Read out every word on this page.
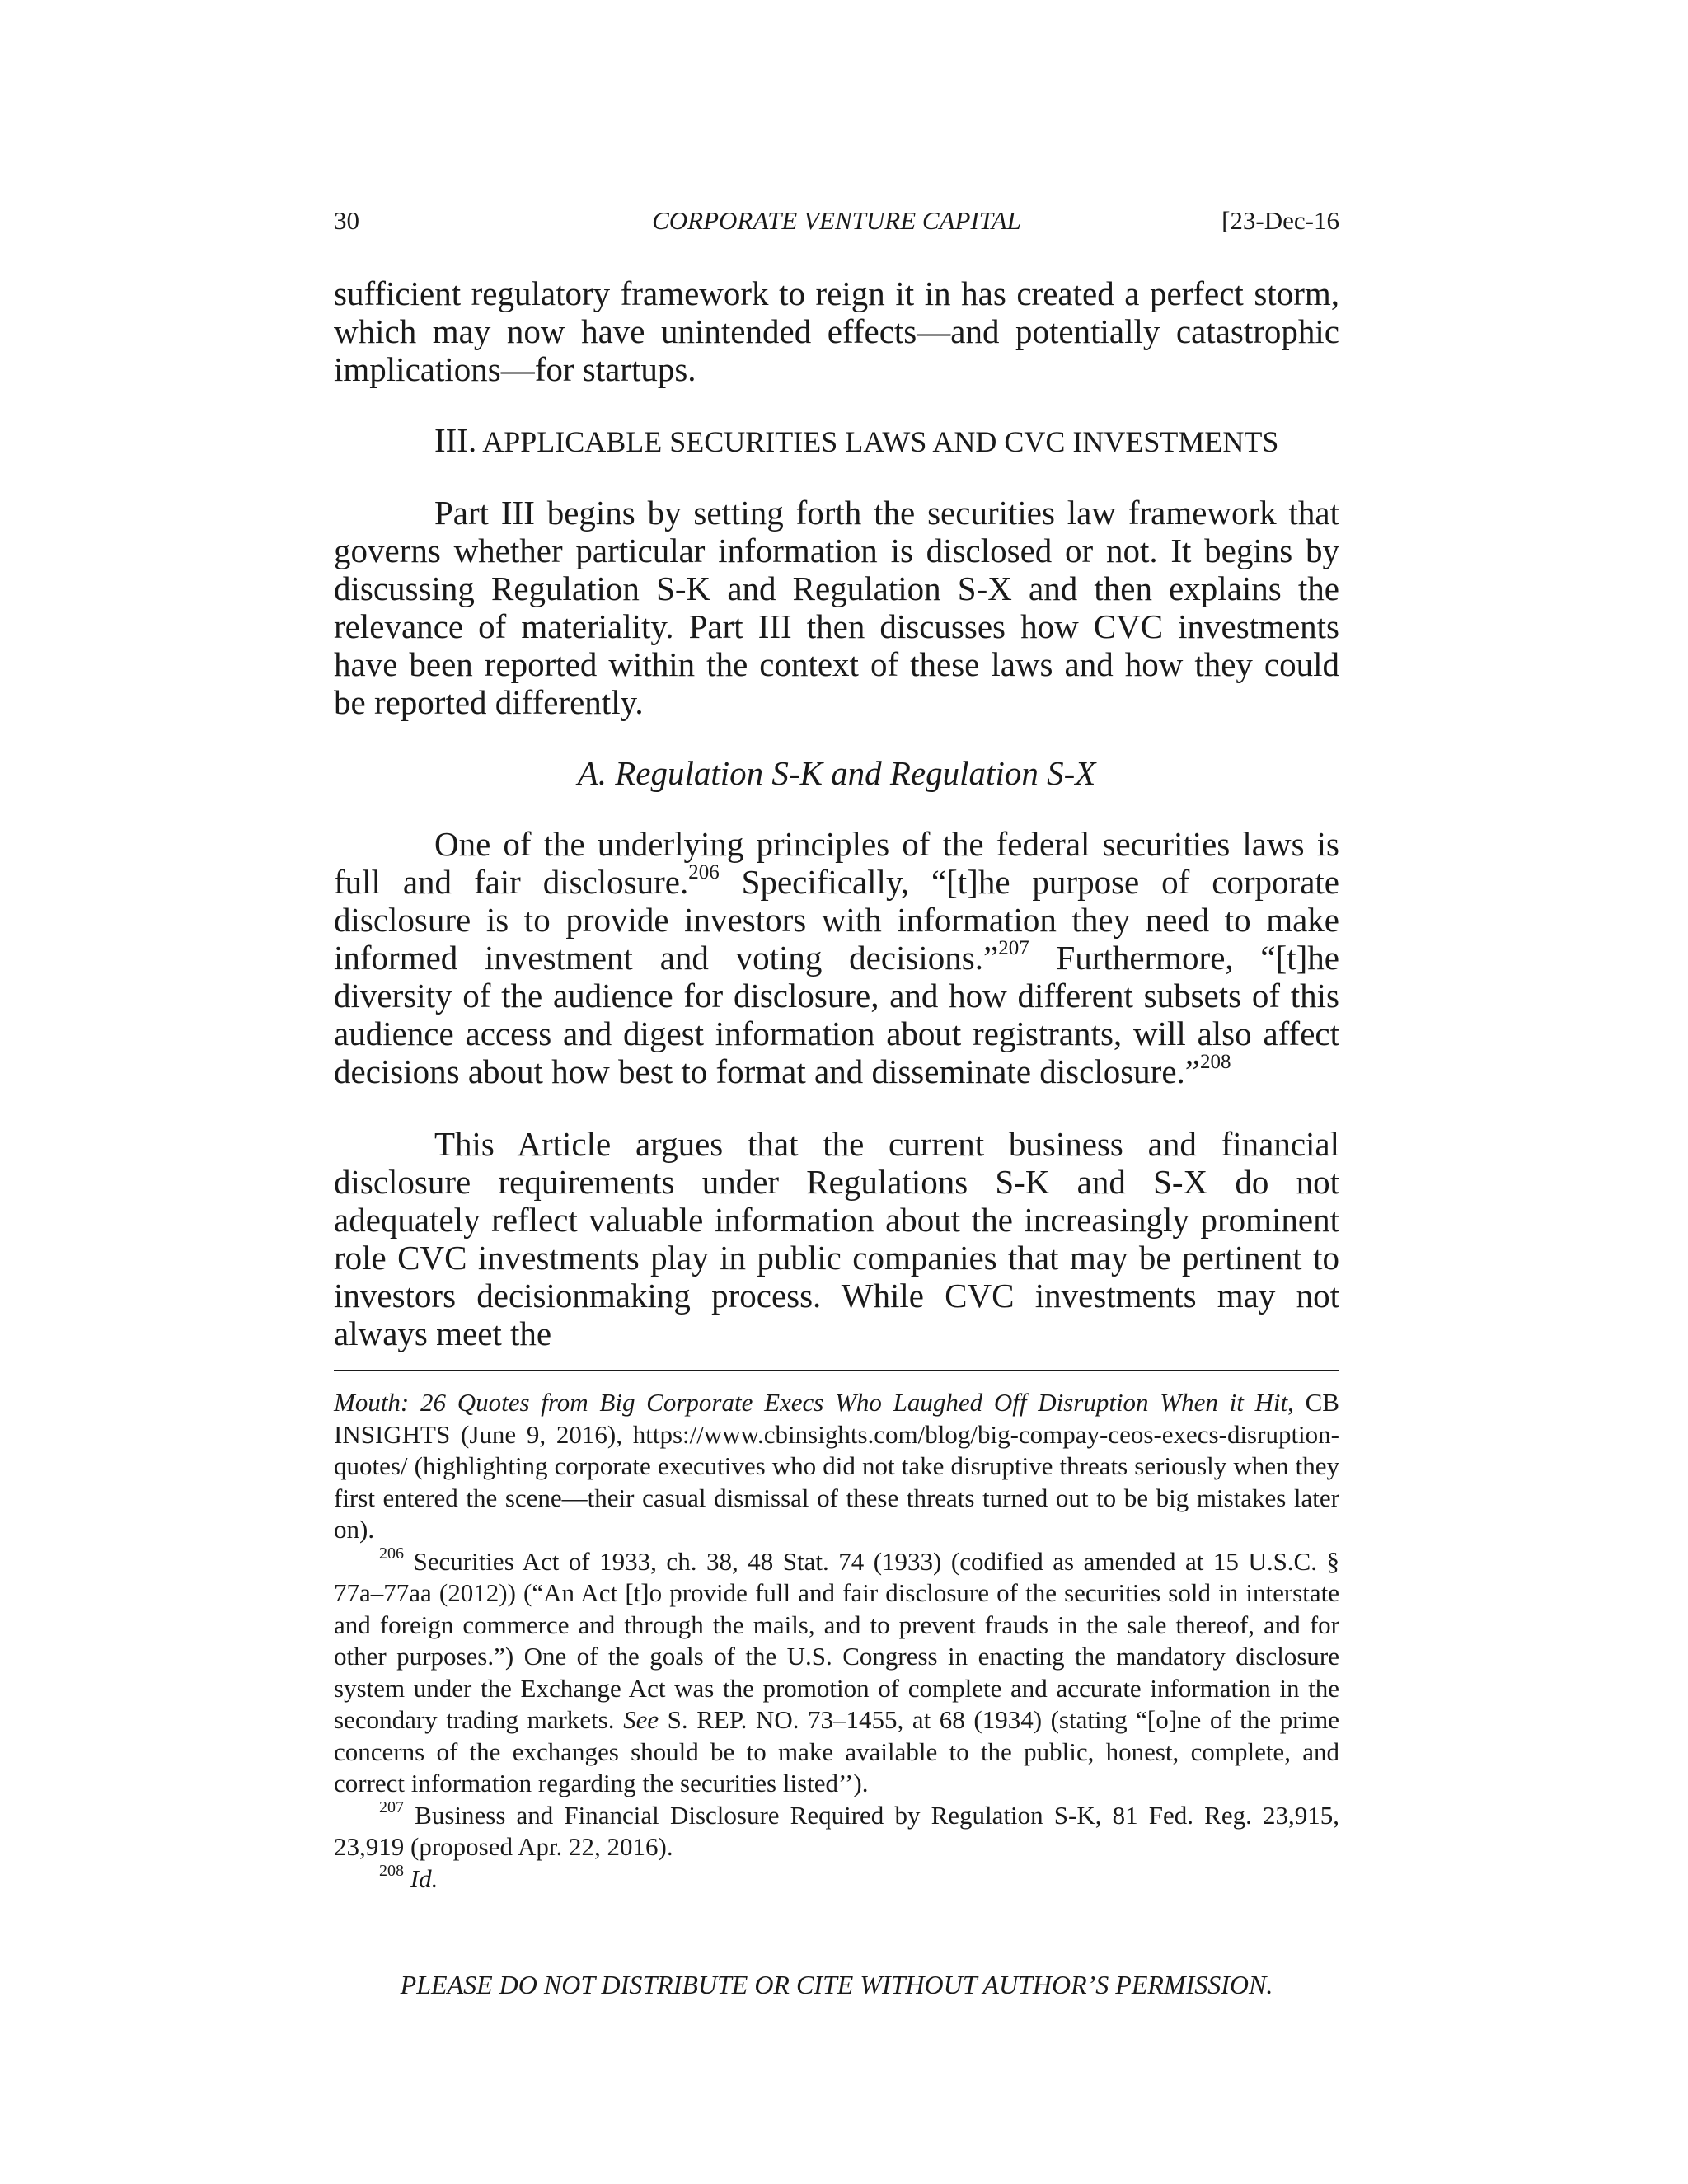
30	CORPORATE VENTURE CAPITAL	[23-Dec-16

sufficient regulatory framework to reign it in has created a perfect storm, which may now have unintended effects—and potentially catastrophic implications—for startups.

III. APPLICABLE SECURITIES LAWS AND CVC INVESTMENTS

Part III begins by setting forth the securities law framework that governs whether particular information is disclosed or not. It begins by discussing Regulation S-K and Regulation S-X and then explains the relevance of materiality. Part III then discusses how CVC investments have been reported within the context of these laws and how they could be reported differently.

A. Regulation S-K and Regulation S-X

One of the underlying principles of the federal securities laws is full and fair disclosure.$^{206}$ Specifically, “[t]he purpose of corporate disclosure is to provide investors with information they need to make informed investment and voting decisions.”$^{207}$ Furthermore, “[t]he diversity of the audience for disclosure, and how different subsets of this audience access and digest information about registrants, will also affect decisions about how best to format and disseminate disclosure.”$^{208}$

This Article argues that the current business and financial disclosure requirements under Regulations S-K and S-X do not adequately reflect valuable information about the increasingly prominent role CVC investments play in public companies that may be pertinent to investors decisionmaking process. While CVC investments may not always meet the

Mouth: 26 Quotes from Big Corporate Execs Who Laughed Off Disruption When it Hit, CB INSIGHTS (June 9, 2016), https://www.cbinsights.com/blog/big-compay-ceos-execs-disruption-quotes/ (highlighting corporate executives who did not take disruptive threats seriously when they first entered the scene—their casual dismissal of these threats turned out to be big mistakes later on).

$^{206}$ Securities Act of 1933, ch. 38, 48 Stat. 74 (1933) (codified as amended at 15 U.S.C. § 77a–77aa (2012)) (“An Act [t]o provide full and fair disclosure of the securities sold in interstate and foreign commerce and through the mails, and to prevent frauds in the sale thereof, and for other purposes.”) One of the goals of the U.S. Congress in enacting the mandatory disclosure system under the Exchange Act was the promotion of complete and accurate information in the secondary trading markets. See S. REP. NO. 73–1455, at 68 (1934) (stating “[o]ne of the prime concerns of the exchanges should be to make available to the public, honest, complete, and correct information regarding the securities listed’’).

$^{207}$ Business and Financial Disclosure Required by Regulation S-K, 81 Fed. Reg. 23,915, 23,919 (proposed Apr. 22, 2016).

$^{208}$ Id.

PLEASE DO NOT DISTRIBUTE OR CITE WITHOUT AUTHOR’S PERMISSION.
